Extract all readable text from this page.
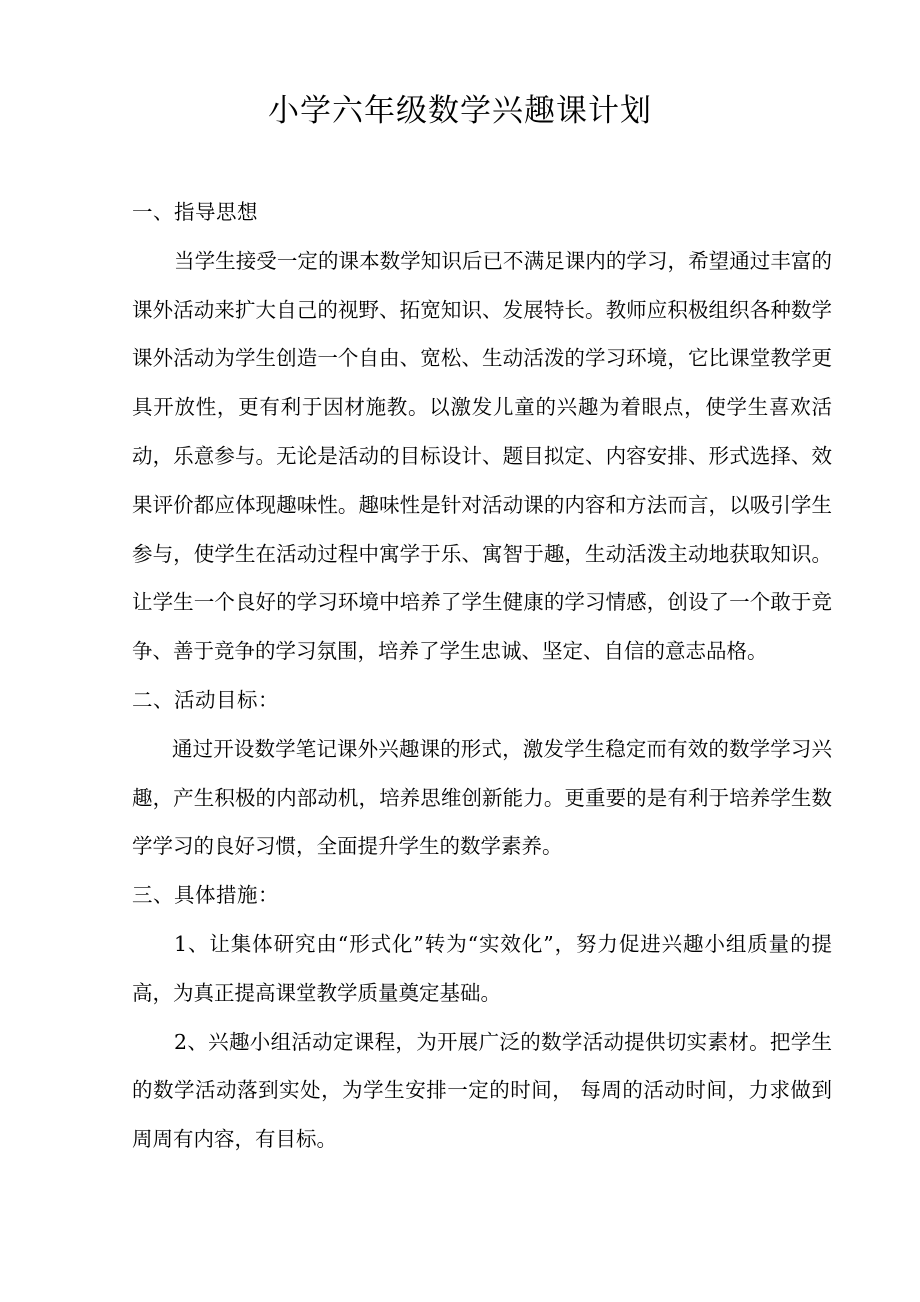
小学六年级数学兴趣课计划
一、指导思想

当学生接受一定的课本数学知识后已不满足课内的学习，希望通过丰富的课外活动来扩大自己的视野、拓宽知识、发展特长。教师应积极组织各种数学课外活动为学生创造一个自由、宽松、生动活泼的学习环境，它比课堂教学更具开放性，更有利于因材施教。以激发儿童的兴趣为着眼点，使学生喜欢活动，乐意参与。无论是活动的目标设计、题目拟定、内容安排、形式选择、效果评价都应体现趣味性。趣味性是针对活动课的内容和方法而言，以吸引学生参与，使学生在活动过程中寓学于乐、寓智于趣，生动活泼主动地获取知识。让学生一个良好的学习环境中培养了学生健康的学习情感，创设了一个敢于竞争、善于竞争的学习氛围，培养了学生忠诚、坚定、自信的意志品格。

二、活动目标：

通过开设数学笔记课外兴趣课的形式，激发学生稳定而有效的数学学习兴趣，产生积极的内部动机，培养思维创新能力。更重要的是有利于培养学生数学学习的良好习惯，全面提升学生的数学素养。

三、具体措施：

1、让集体研究由“形式化”转为“实效化”，努力促进兴趣小组质量的提高，为真正提高课堂教学质量奠定基础。

2、兴趣小组活动定课程，为开展广泛的数学活动提供切实素材。把学生的数学活动落到实处，为学生安排一定的时间， 每周的活动时间，力求做到周周有内容，有目标。
